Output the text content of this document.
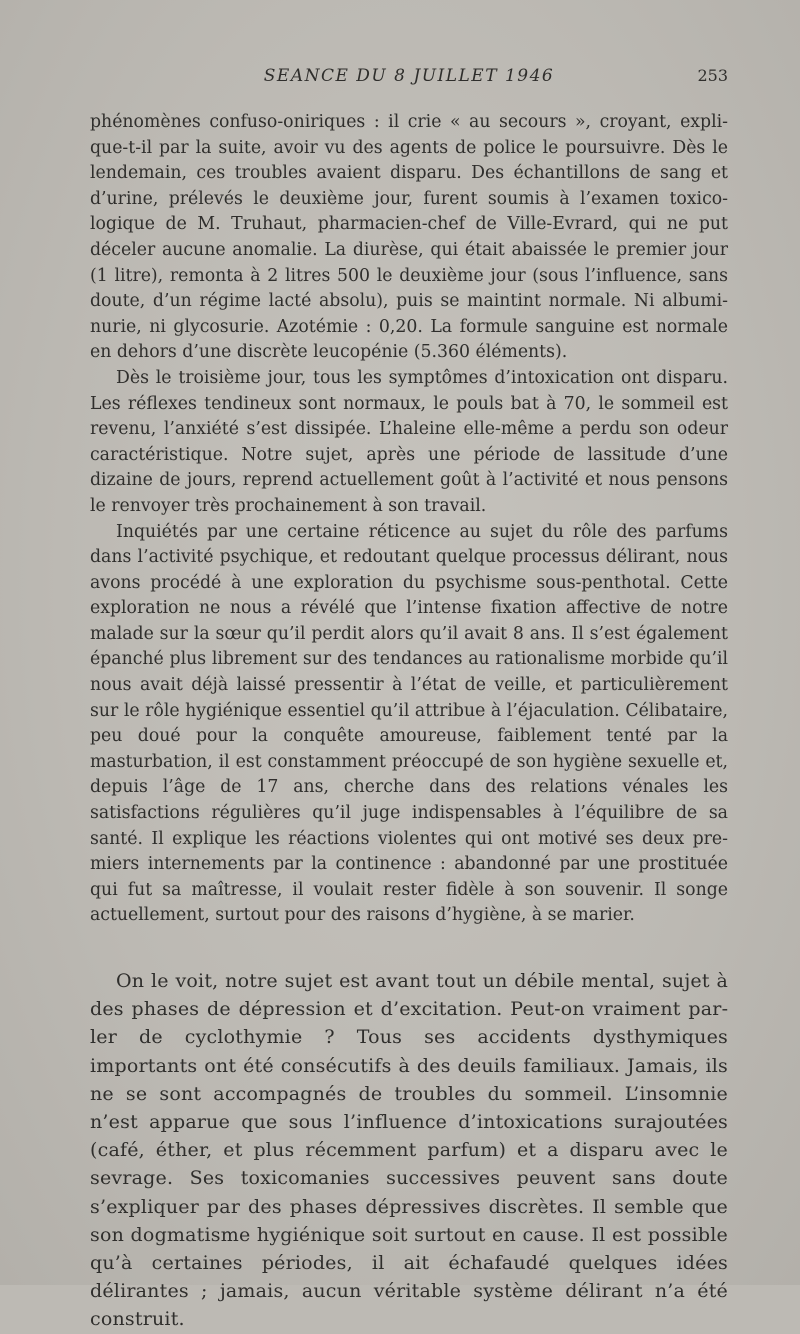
SEANCE DU 8 JUILLET 1946	253

phénomènes confuso-oniriques : il crie « au secours », croyant, explique-t-il par la suite, avoir vu des agents de police le poursuivre. Dès le lendemain, ces troubles avaient disparu. Des échantillons de sang et d’urine, prélevés le deuxième jour, furent soumis à l’examen toxicologique de M. Truhaut, pharmacien-chef de Ville-Evrard, qui ne put déceler aucune anomalie. La diurèse, qui était abaissée le premier jour (1 litre), remonta à 2 litres 500 le deuxième jour (sous l’influence, sans doute, d’un régime lacté absolu), puis se maintint normale. Ni albuminurie, ni glycosurie. Azotémie : 0,20. La formule sanguine est normale en dehors d’une discrète leucopénie (5.360 éléments).

Dès le troisième jour, tous les symptômes d’intoxication ont disparu. Les réflexes tendineux sont normaux, le pouls bat à 70, le sommeil est revenu, l’anxiété s’est dissipée. L’haleine elle-même a perdu son odeur caractéristique. Notre sujet, après une période de lassitude d’une dizaine de jours, reprend actuellement goût à l’activité et nous pensons le renvoyer très prochainement à son travail.

Inquiétés par une certaine réticence au sujet du rôle des parfums dans l’activité psychique, et redoutant quelque processus délirant, nous avons procédé à une exploration du psychisme sous-penthotal. Cette exploration ne nous a révélé que l’intense fixation affective de notre malade sur la sœur qu’il perdit alors qu’il avait 8 ans. Il s’est également épanché plus librement sur des tendances au rationalisme morbide qu’il nous avait déjà laissé pressentir à l’état de veille, et particulièrement sur le rôle hygiénique essentiel qu’il attribue à l’éjaculation. Célibataire, peu doué pour la conquête amoureuse, faiblement tenté par la masturbation, il est constamment préoccupé de son hygiène sexuelle et, depuis l’âge de 17 ans, cherche dans des relations vénales les satisfactions régulières qu’il juge indispensables à l’équilibre de sa santé. Il explique les réactions violentes qui ont motivé ses deux premiers internements par la continence : abandonné par une prostituée qui fut sa maîtresse, il voulait rester fidèle à son souvenir. Il songe actuellement, surtout pour des raisons d’hygiène, à se marier.

On le voit, notre sujet est avant tout un débile mental, sujet à des phases de dépression et d’excitation. Peut-on vraiment parler de cyclothymie ? Tous ses accidents dysthymiques importants ont été consécutifs à des deuils familiaux. Jamais, ils ne se sont accompagnés de troubles du sommeil. L’insomnie n’est apparue que sous l’influence d’intoxications surajoutées (café, éther, et plus récemment parfum) et a disparu avec le sevrage. Ses toxicomanies successives peuvent sans doute s’expliquer par des phases dépressives discrètes. Il semble que son dogmatisme hygiénique soit surtout en cause. Il est possible qu’à certaines périodes, il ait échafaudé quelques idées délirantes ; jamais, aucun véritable système délirant n’a été construit.
